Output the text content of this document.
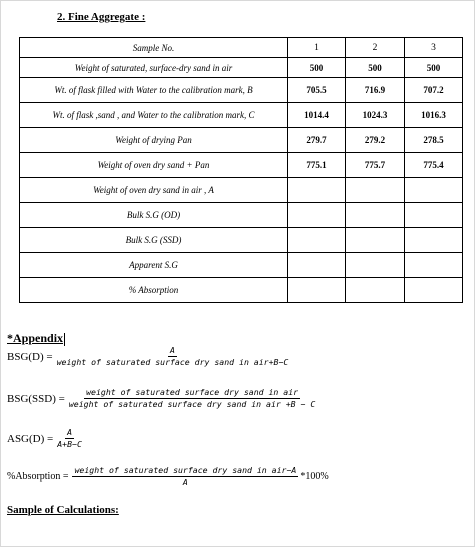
2. Fine Aggregate :
Sample No.	1	2	3
Weight of saturated, surface-dry sand in air	500	500	500
Wt. of flask filled with Water to the calibration mark, B	705.5	716.9	707.2
Wt. of flask ,sand , and Water to the calibration mark, C	1014.4	1024.3	1016.3
Weight of drying Pan	279.7	279.2	278.5
Weight of oven dry sand + Pan	775.1	775.7	775.4
Weight of oven dry sand in air , A			
Bulk S.G (OD)			
Bulk S.G (SSD)			
Apparent S.G			
% Absorption			
*Appendix
$BSG(D) = \frac{A}{\text{weight of saturated surface dry sand in air+B−C}}$
$BSG(SSD) = \frac{\text{weight of saturated surface dry sand in air}}{\text{weight of saturated surface dry sand in air +B − C}}$
$ASG(D) = \frac{A}{A+B-C}$
%Absorption = $\frac{\text{weight of saturated surface dry sand in air−A}}{A} *100\%$
Sample of Calculations:
